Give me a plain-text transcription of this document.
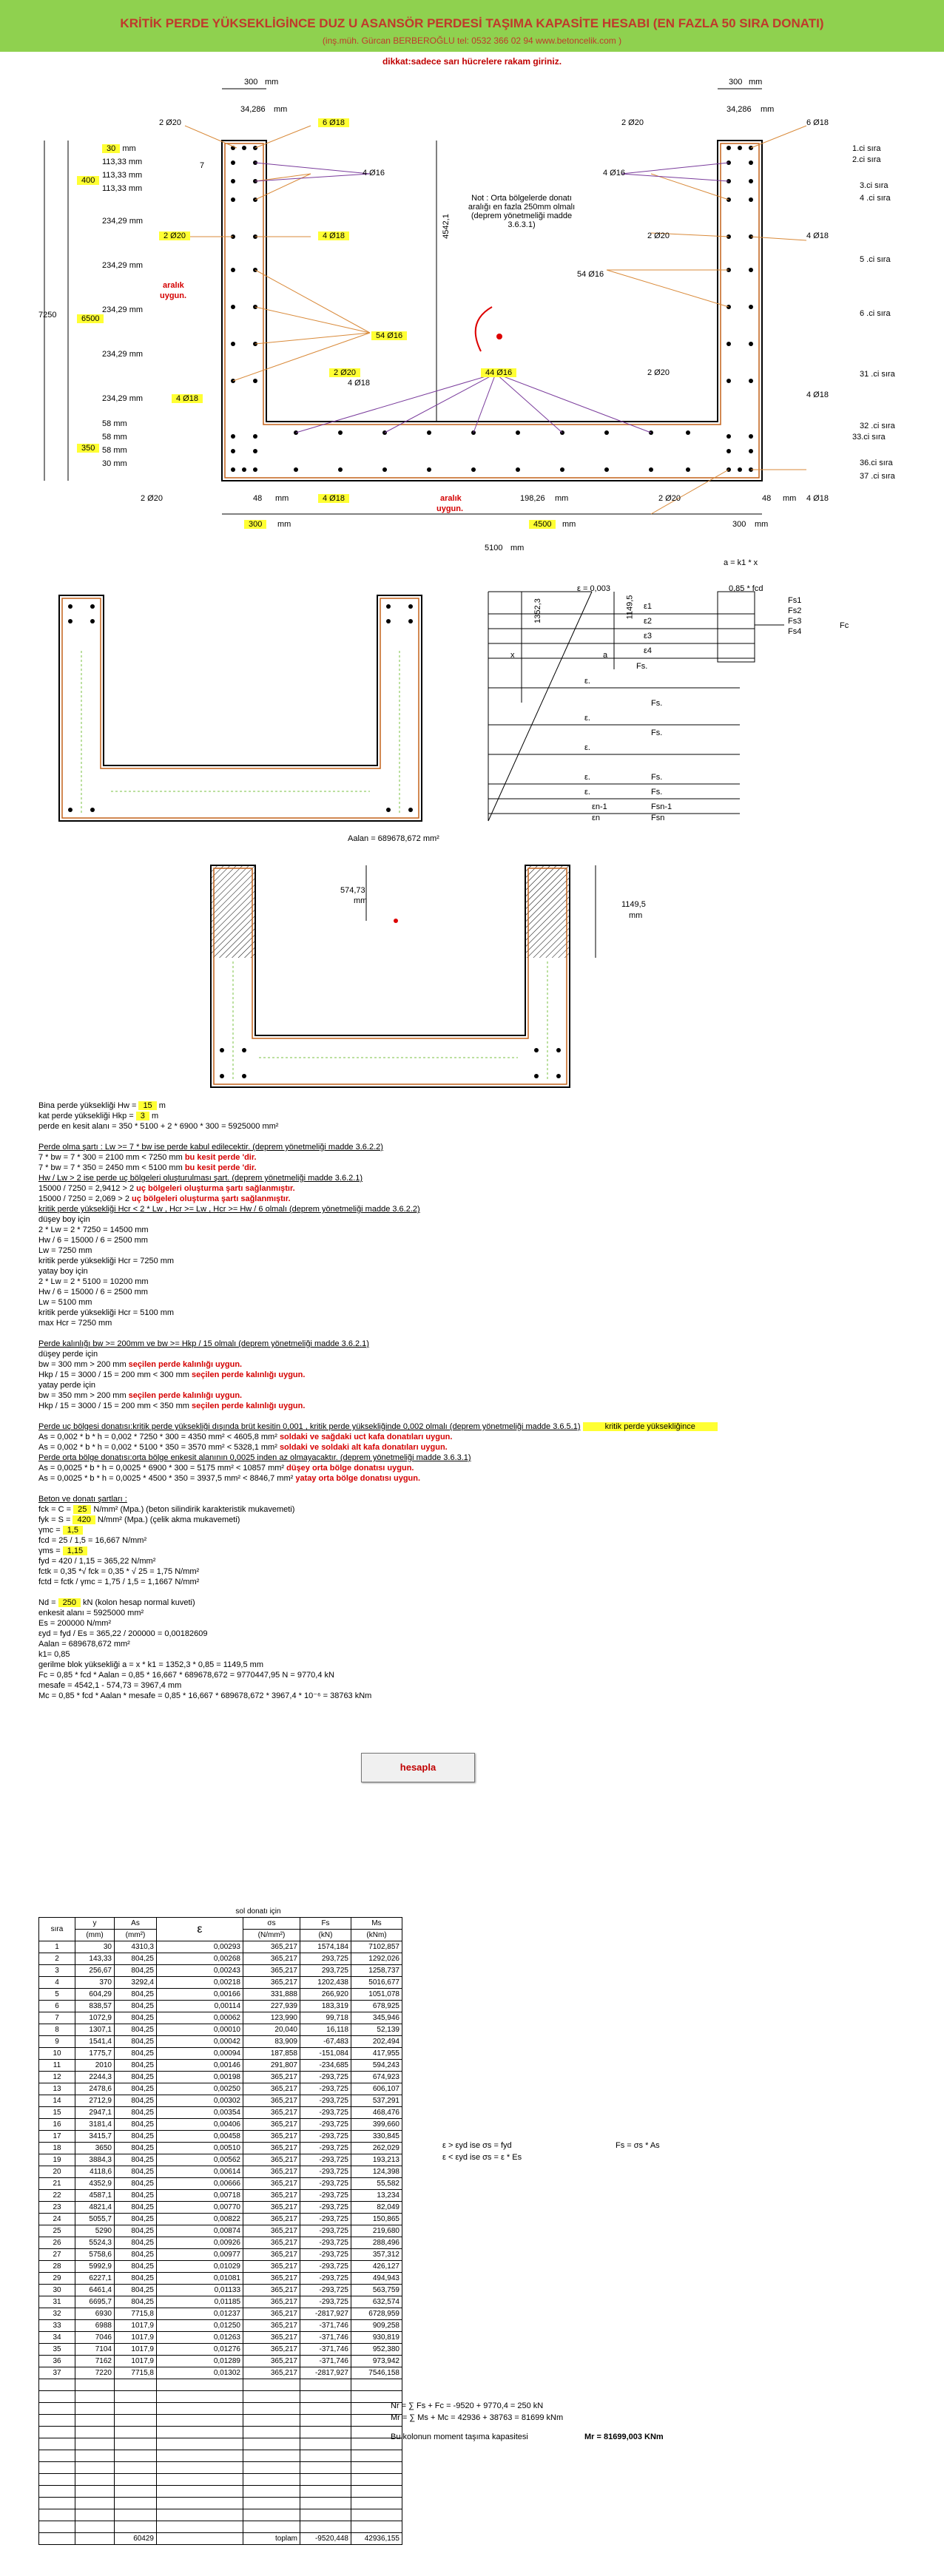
KRİTİK PERDE YÜKSEKLİGİNCE DUZ U ASANSÖR PERDESİ TAŞIMA KAPASİTE HESABI (EN FAZLA 50 SIRA DONATI)
(inş.müh. Gürcan BERBEROĞLU tel: 0532 366 02 94 www.betoncelik.com )
dikkat:sadece sarı hücrelere rakam giriniz.
300 mm
34,286 mm
300 mm
34,286 mm
30 mm
113,33 mm
113,33 mm
113,33 mm
234,29 mm
234,29 mm
234,29 mm
234,29 mm
234,29 mm
58 mm
58 mm
58 mm
30 mm
400
7250	6500
350
4542,1
7
2 Ø20	6 Ø18
4 Ø16
2 Ø20	4 Ø18
54 Ø16
2 Ø20
4 Ø18
4 Ø18
44 Ø16
2 Ø20	4 Ø18
2 Ø20	6 Ø18
4 Ø16
2 Ø20	4 Ø18
54 Ø16
2 Ø20
4 Ø18
2 Ø20	4 Ø18
Not : Orta bölgelerde donatı aralığı en fazla 250mm olmalı (deprem yönetmeliği madde 3.6.3.1)
aralık
uygun.
aralık
uygun.
1.ci sıra
2.ci sıra
3.ci sıra
4 .ci sıra
5 .ci sıra
6 .ci sıra
31 .ci sıra
32 .ci sıra
33.ci sıra
36.ci sıra
37 .ci sıra
48 mm	198,26 mm	48 mm
300	mm	4500	mm	300 mm
5100 mm
a = k1 * x
ε = 0,003	0,85 * fcd
1352,3	1149,5
x	a
ε1
ε2
ε3
ε4
ε.
ε.
ε.
ε.
ε.
εn-1
εn
Fs1
Fs2
Fs3
Fs4
Fc
Fs.
Fs.
Fs.
Fs.
Fs.
Fsn-1
Fsn
Aalan = 689678,672 mm²
574,73
mm	1149,5
mm
Bina perde yüksekliği Hw = 15 m
kat perde yüksekliği Hkp = 3 m
perde en kesit alanı = 350 * 5100 + 2 * 6900 * 300 = 5925000 mm²
Perde olma şartı : Lw >= 7 * bw ise perde kabul edilecektir. (deprem yönetmeliği madde 3.6.2.2)
7 * bw = 7 * 300 = 2100 mm < 7250 mm bu kesit perde 'dir.
7 * bw = 7 * 350 = 2450 mm < 5100 mm bu kesit perde 'dir.
Hw / Lw > 2 ise perde uç bölgeleri oluşturulması şart. (deprem yönetmeliği madde 3.6.2.1)
15000 / 7250 = 2,9412 > 2 uç bölgeleri oluşturma şartı sağlanmıştır.
15000 / 7250 = 2,069 > 2 uç bölgeleri oluşturma şartı sağlanmıştır.
kritik perde yüksekliği Hcr < 2 * Lw , Hcr >= Lw , Hcr >= Hw / 6 olmalı (deprem yönetmeliği madde 3.6.2.2)
düşey boy için
2 * Lw = 2 * 7250 = 14500 mm
Hw / 6 = 15000 / 6 = 2500 mm
Lw = 7250 mm
kritik perde yüksekliği Hcr = 7250 mm
yatay boy için
2 * Lw = 2 * 5100 = 10200 mm
Hw / 6 = 15000 / 6 = 2500 mm
Lw = 5100 mm
kritik perde yüksekliği Hcr = 5100 mm
max Hcr = 7250 mm
Perde kalınlığı bw >= 200mm ve bw >= Hkp / 15 olmalı (deprem yönetmeliği madde 3.6.2.1)
düşey perde için
bw = 300 mm > 200 mm seçilen perde kalınlığı uygun.
Hkp / 15 = 3000 / 15 = 200 mm < 300 mm seçilen perde kalınlığı uygun.
yatay perde için
bw = 350 mm > 200 mm seçilen perde kalınlığı uygun.
Hkp / 15 = 3000 / 15 = 200 mm < 350 mm seçilen perde kalınlığı uygun.
Perde uç bölgesi donatısı:kritik perde yüksekliği dışında brüt kesitin 0,001 , kritik perde yüksekliğinde 0,002 olmalı (deprem yönetmeliği madde 3.6.5.1)	kritik perde yüksekliğince
As = 0,002 * b * h = 0,002 * 7250 * 300 = 4350 mm² < 4605,8 mm² soldaki ve sağdaki uct kafa donatıları uygun.
As = 0,002 * b * h = 0,002 * 5100 * 350 = 3570 mm² < 5328,1 mm² soldaki ve soldaki alt kafa donatıları uygun.
Perde orta bölge donatısı:orta bölge enkesit alanının 0,0025 inden az olmayacaktır. (deprem yönetmeliği madde 3.6.3.1)
As = 0,0025 * b * h = 0,0025 * 6900 * 300 = 5175 mm² < 10857 mm² düşey orta bölge donatısı uygun.
As = 0,0025 * b * h = 0,0025 * 4500 * 350 = 3937,5 mm² < 8846,7 mm² yatay orta bölge donatısı uygun.
Beton ve donatı şartları :
fck = C = 25 N/mm² (Mpa.) (beton silindirik karakteristik mukavemeti)
fyk = S = 420 N/mm² (Mpa.) (çelik akma mukavemeti)
γmc = 1,5
fcd = 25 / 1,5 = 16,667 N/mm²
γms = 1,15
fyd = 420 / 1,15 = 365,22 N/mm²
fctk = 0,35 *√ fck = 0,35 * √ 25 = 1,75 N/mm²
fctd = fctk / γmc = 1,75 / 1,5 = 1,1667 N/mm²
Nd = 250 kN (kolon hesap normal kuveti)
enkesit alanı = 5925000 mm²
Es = 200000 N/mm²
εyd = fyd / Es = 365,22 / 200000 = 0,00182609
Aalan = 689678,672 mm²
k1= 0,85
gerilme blok yüksekliği a = x * k1 = 1352,3 * 0,85 = 1149,5 mm
Fc = 0,85 * fcd * Aalan = 0,85 * 16,667 * 689678,672 = 9770447,95 N = 9770,4 kN
mesafe = 4542,1 - 574,73 = 3967,4 mm
Mc = 0,85 * fcd * Aalan * mesafe = 0,85 * 16,667 * 689678,672 * 3967,4 * 10⁻⁶ = 38763 kNm
hesapla
		sol donatı için				
sıra	y	As	ε	σs	Fs	Ms
	(mm)	(mm²)		(N/mm²)	(kN)	(kNm)
1	30	4310,3	0,00293	365,217	1574,184	7102,857
2	143,33	804,25	0,00268	365,217	293,725	1292,026
3	256,67	804,25	0,00243	365,217	293,725	1258,737
4	370	3292,4	0,00218	365,217	1202,438	5016,677
5	604,29	804,25	0,00166	331,888	266,920	1051,078
6	838,57	804,25	0,00114	227,939	183,319	678,925
7	1072,9	804,25	0,00062	123,990	99,718	345,946
8	1307,1	804,25	0,00010	20,040	16,118	52,139
9	1541,4	804,25	0,00042	83,909	-67,483	202,494
10	1775,7	804,25	0,00094	187,858	-151,084	417,955
11	2010	804,25	0,00146	291,807	-234,685	594,243
12	2244,3	804,25	0,00198	365,217	-293,725	674,923
13	2478,6	804,25	0,00250	365,217	-293,725	606,107
14	2712,9	804,25	0,00302	365,217	-293,725	537,291
15	2947,1	804,25	0,00354	365,217	-293,725	468,476
16	3181,4	804,25	0,00406	365,217	-293,725	399,660
17	3415,7	804,25	0,00458	365,217	-293,725	330,845
18	3650	804,25	0,00510	365,217	-293,725	262,029
19	3884,3	804,25	0,00562	365,217	-293,725	193,213
20	4118,6	804,25	0,00614	365,217	-293,725	124,398
21	4352,9	804,25	0,00666	365,217	-293,725	55,582
22	4587,1	804,25	0,00718	365,217	-293,725	13,234
23	4821,4	804,25	0,00770	365,217	-293,725	82,049
24	5055,7	804,25	0,00822	365,217	-293,725	150,865
25	5290	804,25	0,00874	365,217	-293,725	219,680
26	5524,3	804,25	0,00926	365,217	-293,725	288,496
27	5758,6	804,25	0,00977	365,217	-293,725	357,312
28	5992,9	804,25	0,01029	365,217	-293,725	426,127
29	6227,1	804,25	0,01081	365,217	-293,725	494,943
30	6461,4	804,25	0,01133	365,217	-293,725	563,759
31	6695,7	804,25	0,01185	365,217	-293,725	632,574
32	6930	7715,8	0,01237	365,217	-2817,927	6728,959
33	6988	1017,9	0,01250	365,217	-371,746	909,258
34	7046	1017,9	0,01263	365,217	-371,746	930,819
35	7104	1017,9	0,01276	365,217	-371,746	952,380
36	7162	1017,9	0,01289	365,217	-371,746	973,942
37	7220	7715,8	0,01302	365,217	-2817,927	7546,158

		60429		toplam	-9520,448	42936,155
ε > εyd ise σs = fyd	Fs = σs * As
ε < εyd ise σs = ε * Es
Nr = ∑ Fs + Fc = -9520 + 9770,4 = 250 kN
Mr = ∑ Ms + Mc = 42936 + 38763 = 81699 kNm
Bu kolonun moment taşıma kapasitesi	Mr = 81699,003 KNm
